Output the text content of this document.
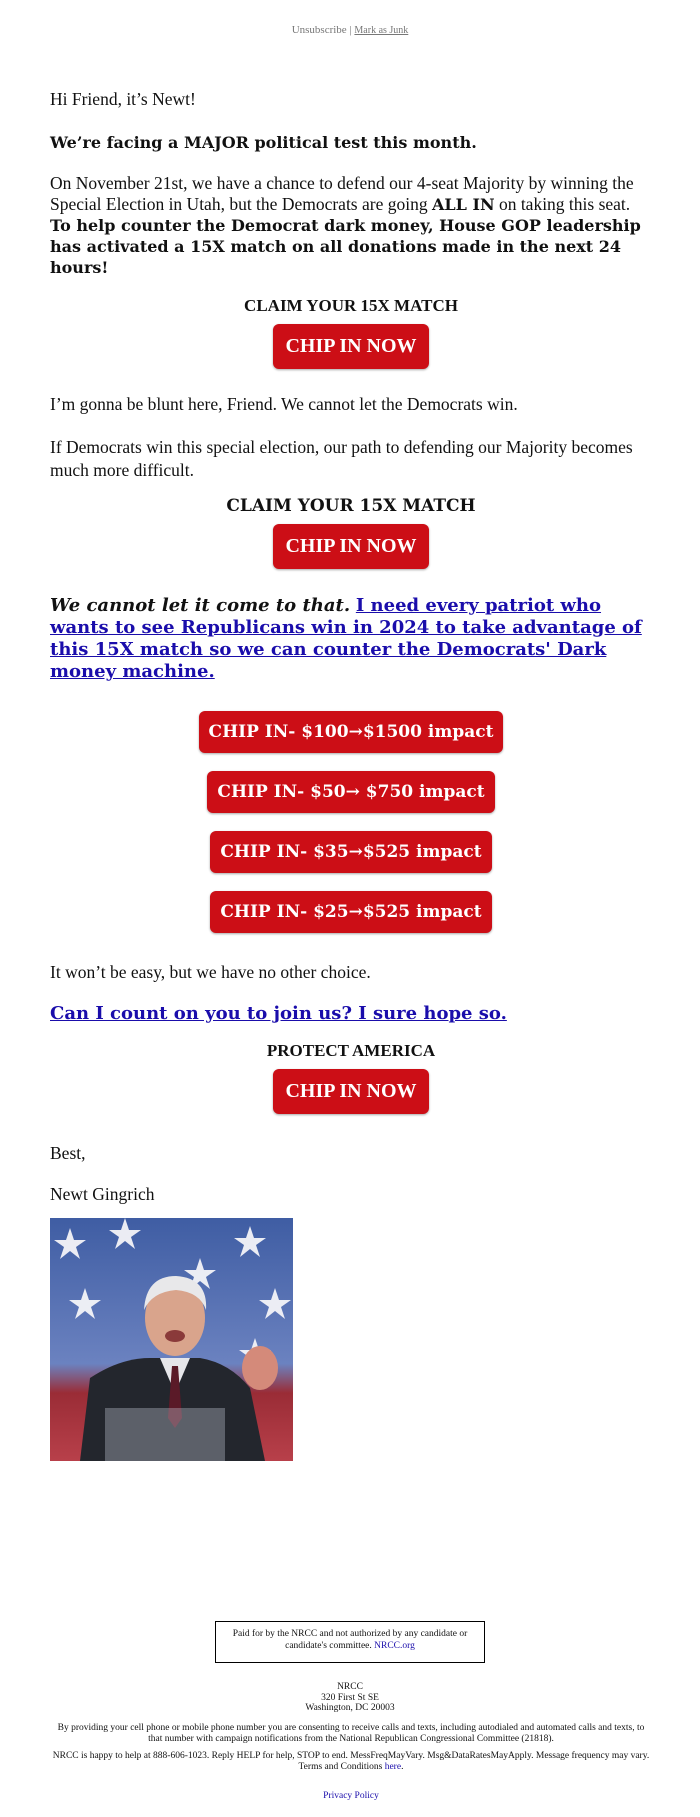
Unsubscribe | Mark as Junk

Hi Friend, it’s Newt!

We’re facing a MAJOR political test this month.

On November 21st, we have a chance to defend our 4-seat Majority by winning the Special Election in Utah, but the Democrats are going ALL IN on taking this seat. To help counter the Democrat dark money, House GOP leadership has activated a 15X match on all donations made in the next 24 hours!

CLAIM YOUR 15X MATCH
CHIP IN NOW

I’m gonna be blunt here, Friend. We cannot let the Democrats win.

If Democrats win this special election, our path to defending our Majority becomes much more difficult.

CLAIM YOUR 15X MATCH
CHIP IN NOW

We cannot let it come to that. I need every patriot who wants to see Republicans win in 2024 to take advantage of this 15X match so we can counter the Democrats' Dark money machine.

CHIP IN- $100→$1500 impact
CHIP IN- $50→ $750 impact
CHIP IN- $35→$525 impact
CHIP IN- $25→$525 impact

It won’t be easy, but we have no other choice.

Can I count on you to join us? I sure hope so.

PROTECT AMERICA
CHIP IN NOW

Best,

Newt Gingrich

Paid for by the NRCC and not authorized by any candidate or candidate's committee. NRCC.org
NRCC
320 First St SE
Washington, DC 20003
By providing your cell phone or mobile phone number you are consenting to receive calls and texts, including autodialed and automated calls and texts, to that number with campaign notifications from the National Republican Congressional Committee (21818).
NRCC is happy to help at 888-606-1023. Reply HELP for help, STOP to end. MessFreqMayVary. Msg&DataRatesMayApply. Message frequency may vary. Terms and Conditions here.
Privacy Policy
